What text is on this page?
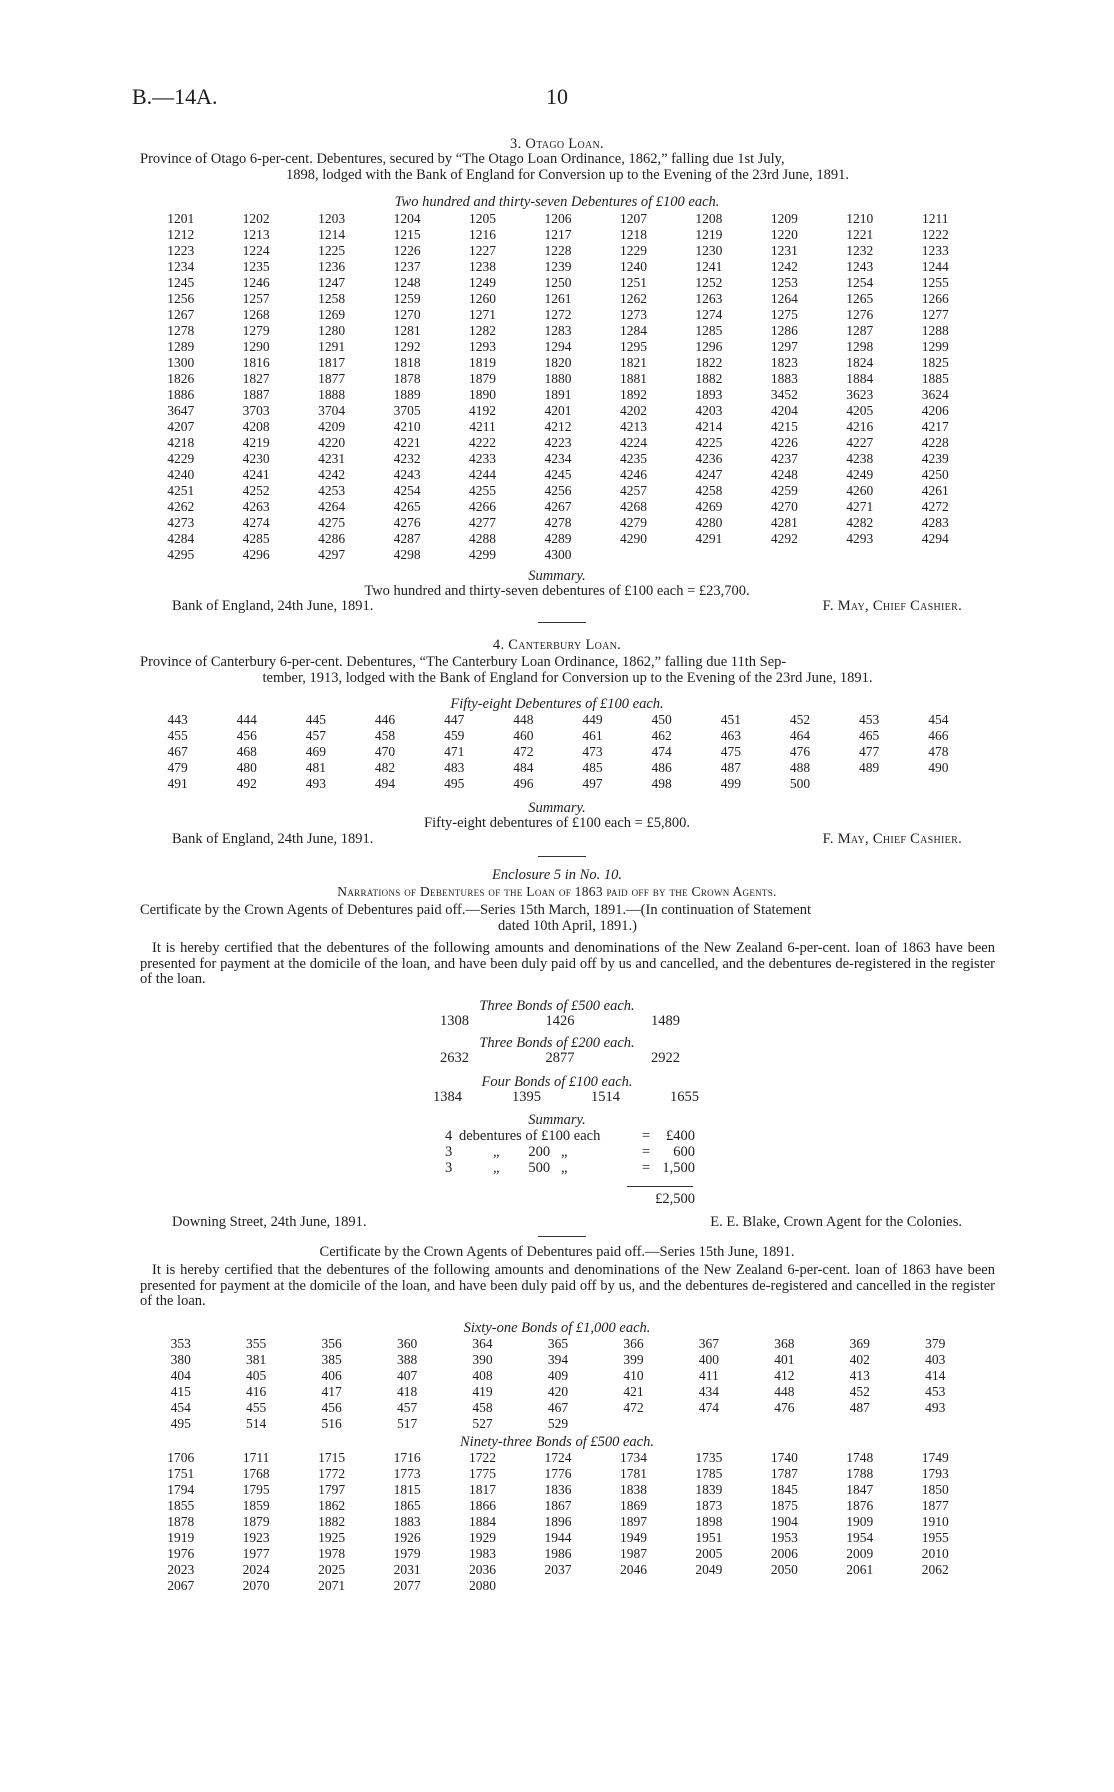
B.—14A.	10
3. Otago Loan.
Province of Otago 6-per-cent. Debentures, secured by “The Otago Loan Ordinance, 1862,” falling due 1st July,
1898, lodged with the Bank of England for Conversion up to the Evening of the 23rd June, 1891.
Two hundred and thirty-seven Debentures of £100 each.
1201	1202	1203	1204	1205	1206	1207	1208	1209	1210	1211
1212	1213	1214	1215	1216	1217	1218	1219	1220	1221	1222
1223	1224	1225	1226	1227	1228	1229	1230	1231	1232	1233
1234	1235	1236	1237	1238	1239	1240	1241	1242	1243	1244
1245	1246	1247	1248	1249	1250	1251	1252	1253	1254	1255
1256	1257	1258	1259	1260	1261	1262	1263	1264	1265	1266
1267	1268	1269	1270	1271	1272	1273	1274	1275	1276	1277
1278	1279	1280	1281	1282	1283	1284	1285	1286	1287	1288
1289	1290	1291	1292	1293	1294	1295	1296	1297	1298	1299
1300	1816	1817	1818	1819	1820	1821	1822	1823	1824	1825
1826	1827	1877	1878	1879	1880	1881	1882	1883	1884	1885
1886	1887	1888	1889	1890	1891	1892	1893	3452	3623	3624
3647	3703	3704	3705	4192	4201	4202	4203	4204	4205	4206
4207	4208	4209	4210	4211	4212	4213	4214	4215	4216	4217
4218	4219	4220	4221	4222	4223	4224	4225	4226	4227	4228
4229	4230	4231	4232	4233	4234	4235	4236	4237	4238	4239
4240	4241	4242	4243	4244	4245	4246	4247	4248	4249	4250
4251	4252	4253	4254	4255	4256	4257	4258	4259	4260	4261
4262	4263	4264	4265	4266	4267	4268	4269	4270	4271	4272
4273	4274	4275	4276	4277	4278	4279	4280	4281	4282	4283
4284	4285	4286	4287	4288	4289	4290	4291	4292	4293	4294
4295	4296	4297	4298	4299	4300					
Summary.
Two hundred and thirty-seven debentures of £100 each = £23,700.
Bank of England, 24th June, 1891.	F. May, Chief Cashier.
4. Canterbury Loan.
Province of Canterbury 6-per-cent. Debentures, “The Canterbury Loan Ordinance, 1862,” falling due 11th Sep-
tember, 1913, lodged with the Bank of England for Conversion up to the Evening of the 23rd June, 1891.
Fifty-eight Debentures of £100 each.
443	444	445	446	447	448	449	450	451	452	453	454
455	456	457	458	459	460	461	462	463	464	465	466
467	468	469	470	471	472	473	474	475	476	477	478
479	480	481	482	483	484	485	486	487	488	489	490
491	492	493	494	495	496	497	498	499	500		
Summary.
Fifty-eight debentures of £100 each = £5,800.
Bank of England, 24th June, 1891.	F. May, Chief Cashier.
Enclosure 5 in No. 10.
Narrations of Debentures of the Loan of 1863 paid off by the Crown Agents.
Certificate by the Crown Agents of Debentures paid off.—Series 15th March, 1891.—(In continuation of Statement
dated 10th April, 1891.)
It is hereby certified that the debentures of the following amounts and denominations of the New Zealand 6-per-cent. loan of 1863 have been presented for payment at the domicile of the loan, and have been duly paid off by us and cancelled, and the debentures de-registered in the register of the loan.
Three Bonds of £500 each.
1308	1426	1489
Three Bonds of £200 each.
2632	2877	2922
Four Bonds of £100 each.
1384	1395	1514	1655
Summary.
4 debentures of £100 each	= £400
3	„        200   „	= 600
3	„        500   „	= 1,500
£2,500
Downing Street, 24th June, 1891.	E. E. Blake, Crown Agent for the Colonies.
Certificate by the Crown Agents of Debentures paid off.—Series 15th June, 1891.
It is hereby certified that the debentures of the following amounts and denominations of the New Zealand 6-per-cent. loan of 1863 have been presented for payment at the domicile of the loan, and have been duly paid off by us, and the debentures de-registered and cancelled in the register of the loan.
Sixty-one Bonds of £1,000 each.
353	355	356	360	364	365	366	367	368	369	379
380	381	385	388	390	394	399	400	401	402	403
404	405	406	407	408	409	410	411	412	413	414
415	416	417	418	419	420	421	434	448	452	453
454	455	456	457	458	467	472	474	476	487	493
495	514	516	517	527	529					
Ninety-three Bonds of £500 each.
1706	1711	1715	1716	1722	1724	1734	1735	1740	1748	1749
1751	1768	1772	1773	1775	1776	1781	1785	1787	1788	1793
1794	1795	1797	1815	1817	1836	1838	1839	1845	1847	1850
1855	1859	1862	1865	1866	1867	1869	1873	1875	1876	1877
1878	1879	1882	1883	1884	1896	1897	1898	1904	1909	1910
1919	1923	1925	1926	1929	1944	1949	1951	1953	1954	1955
1976	1977	1978	1979	1983	1986	1987	2005	2006	2009	2010
2023	2024	2025	2031	2036	2037	2046	2049	2050	2061	2062
2067	2070	2071	2077	2080						
